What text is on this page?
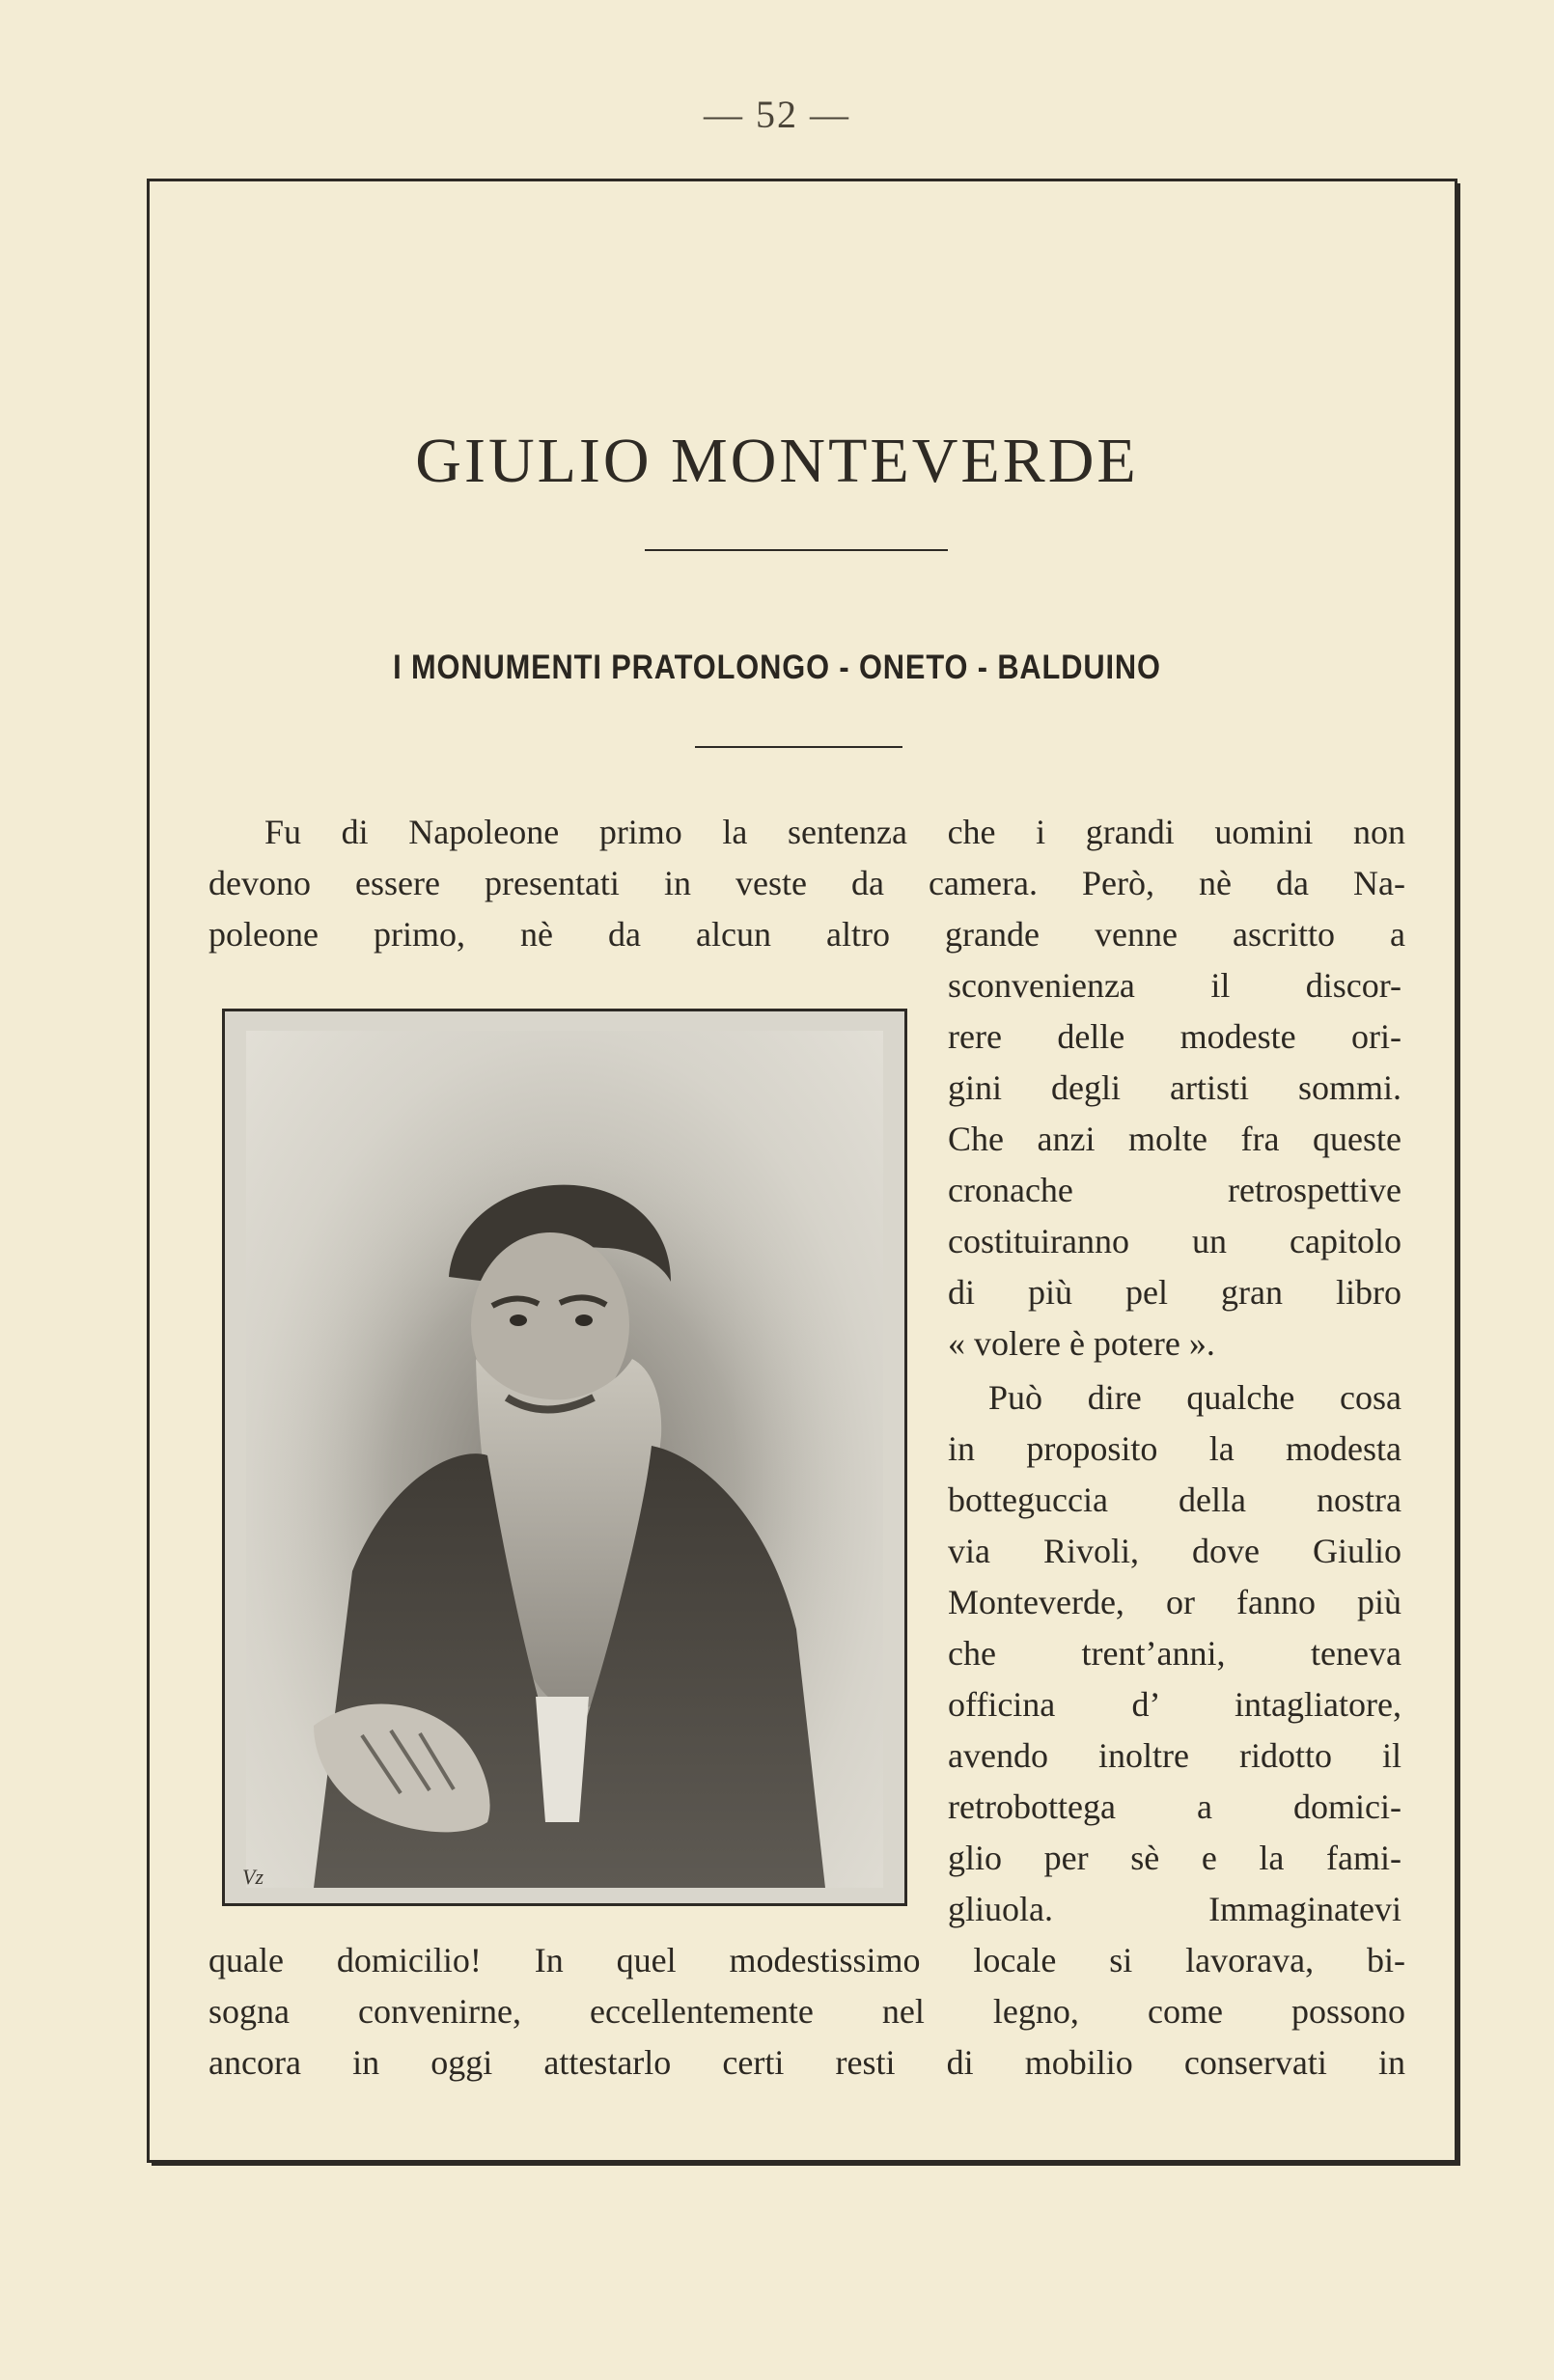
— 52 —
GIULIO MONTEVERDE
I MONUMENTI PRATOLONGO - ONETO - BALDUINO
Fu di Napoleone primo la sentenza che i grandi uomini non
devono essere presentati in veste da camera. Però, nè da Na-
poleone primo, nè da alcun altro grande venne ascritto a
sconvenienza il discor-
rere delle modeste ori-
gini degli artisti sommi.
Che anzi molte fra queste
cronache retrospettive
costituiranno un capitolo
di più pel gran libro
« volere è potere ».
Può dire qualche cosa
in proposito la modesta
botteguccia della nostra
via Rivoli, dove Giulio
Monteverde, or fanno più
che trent’anni, teneva
officina d’ intagliatore,
avendo inoltre ridotto il
retrobottega a domici-
glio per sè e la fami-
gliuola. Immaginatevi
quale domicilio! In quel modestissimo locale si lavorava, bi-
sogna convenirne, eccellentemente nel legno, come possono
ancora in oggi attestarlo certi resti di mobilio conservati in
Vz
